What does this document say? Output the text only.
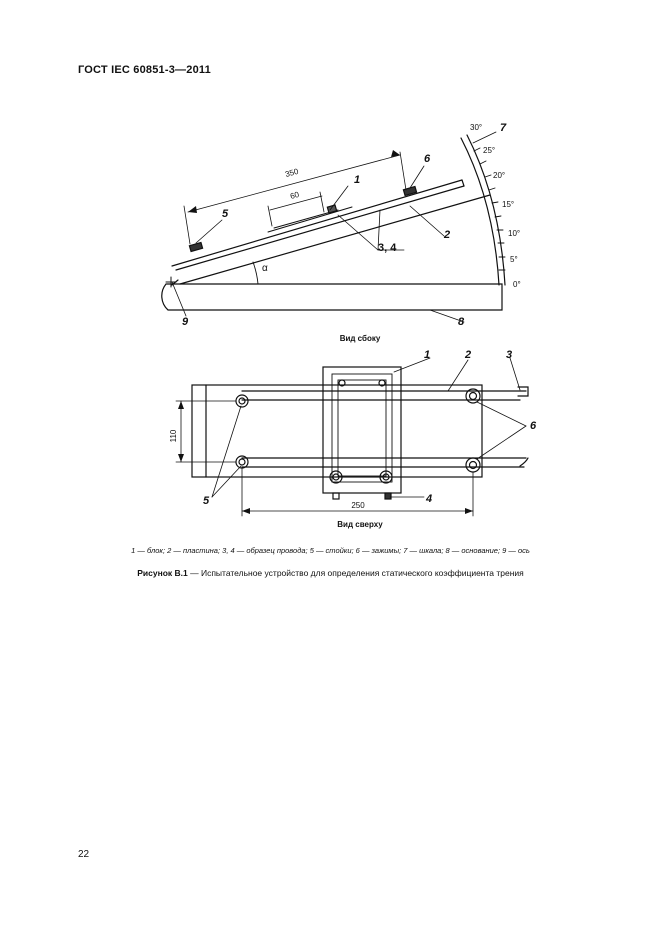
ГОСТ IEC 60851-3—2011
350
60
α
110
250
0°
5°
10°
15°
20°
25°
30°
1
2
3, 4
5
6
7
8
9
1	2	3
4
5
6
Вид сбоку
Вид сверху
1 — блок; 2 — пластина; 3, 4 — образец провода; 5 — стойки; 6 — зажимы; 7 — шкала; 8 — основание; 9 — ось
Рисунок В.1 — Испытательное устройство для определения статического коэффициента трения
22
